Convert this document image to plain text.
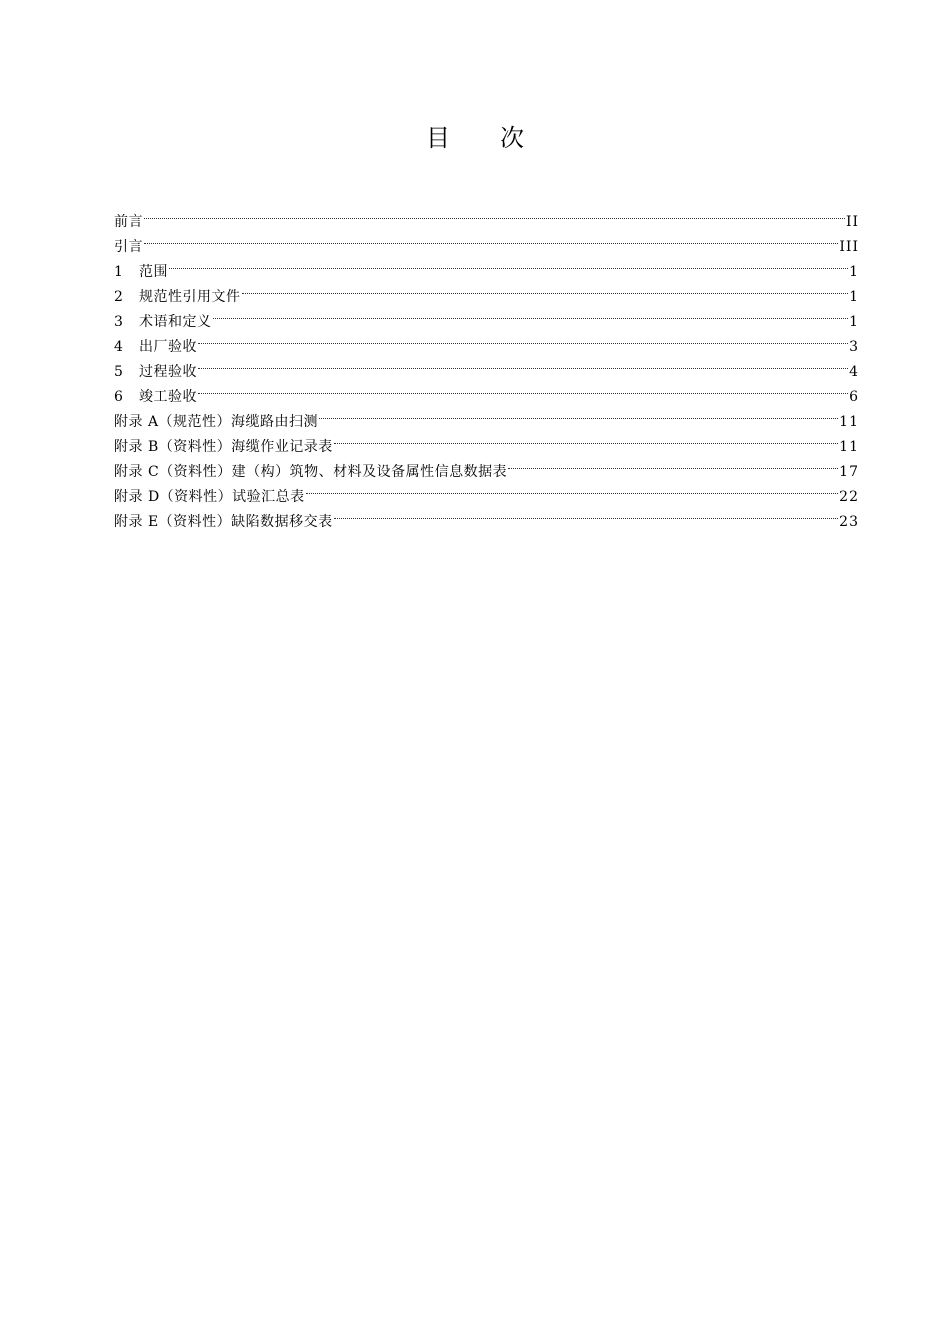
目 次
前言	II
引言	III
1	范围	1
2	规范性引用文件	1
3	术语和定义	1
4	出厂验收	3
5	过程验收	4
6	竣工验收	6
附录 A（规范性）海缆路由扫测	11
附录 B（资料性）海缆作业记录表	11
附录 C（资料性）建（构）筑物、材料及设备属性信息数据表	17
附录 D（资料性）试验汇总表	22
附录 E（资料性）缺陷数据移交表	23
